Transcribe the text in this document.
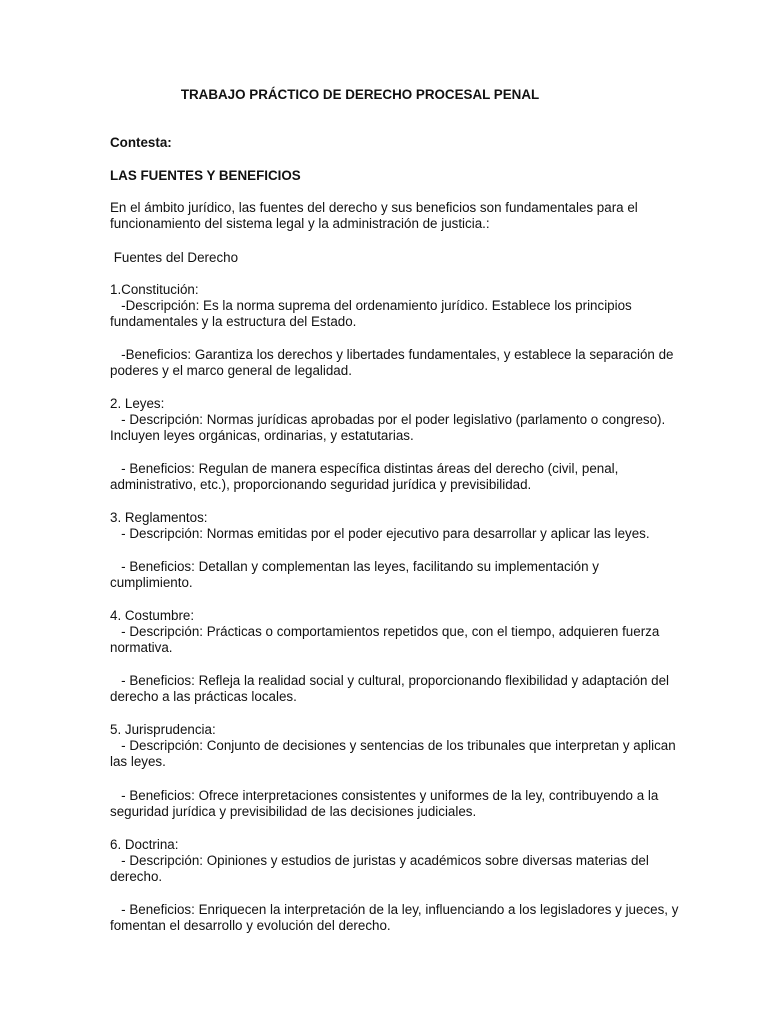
TRABAJO PRÁCTICO DE DERECHO PROCESAL PENAL

Contesta:

LAS FUENTES Y BENEFICIOS

En el ámbito jurídico, las fuentes del derecho y sus beneficios son fundamentales para el

funcionamiento del sistema legal y la administración de justicia.:

Fuentes del Derecho

1.Constitución:

-Descripción: Es la norma suprema del ordenamiento jurídico. Establece los principios

fundamentales y la estructura del Estado.

-Beneficios: Garantiza los derechos y libertades fundamentales, y establece la separación de

poderes y el marco general de legalidad.

2. Leyes:

- Descripción: Normas jurídicas aprobadas por el poder legislativo (parlamento o congreso).

Incluyen leyes orgánicas, ordinarias, y estatutarias.

- Beneficios: Regulan de manera específica distintas áreas del derecho (civil, penal,

administrativo, etc.), proporcionando seguridad jurídica y previsibilidad.

3. Reglamentos:

- Descripción: Normas emitidas por el poder ejecutivo para desarrollar y aplicar las leyes.

- Beneficios: Detallan y complementan las leyes, facilitando su implementación y

cumplimiento.

4. Costumbre:

- Descripción: Prácticas o comportamientos repetidos que, con el tiempo, adquieren fuerza

normativa.

- Beneficios: Refleja la realidad social y cultural, proporcionando flexibilidad y adaptación del

derecho a las prácticas locales.

5. Jurisprudencia:

- Descripción: Conjunto de decisiones y sentencias de los tribunales que interpretan y aplican

las leyes.

- Beneficios: Ofrece interpretaciones consistentes y uniformes de la ley, contribuyendo a la

seguridad jurídica y previsibilidad de las decisiones judiciales.

6. Doctrina:

- Descripción: Opiniones y estudios de juristas y académicos sobre diversas materias del

derecho.

- Beneficios: Enriquecen la interpretación de la ley, influenciando a los legisladores y jueces, y

fomentan el desarrollo y evolución del derecho.
